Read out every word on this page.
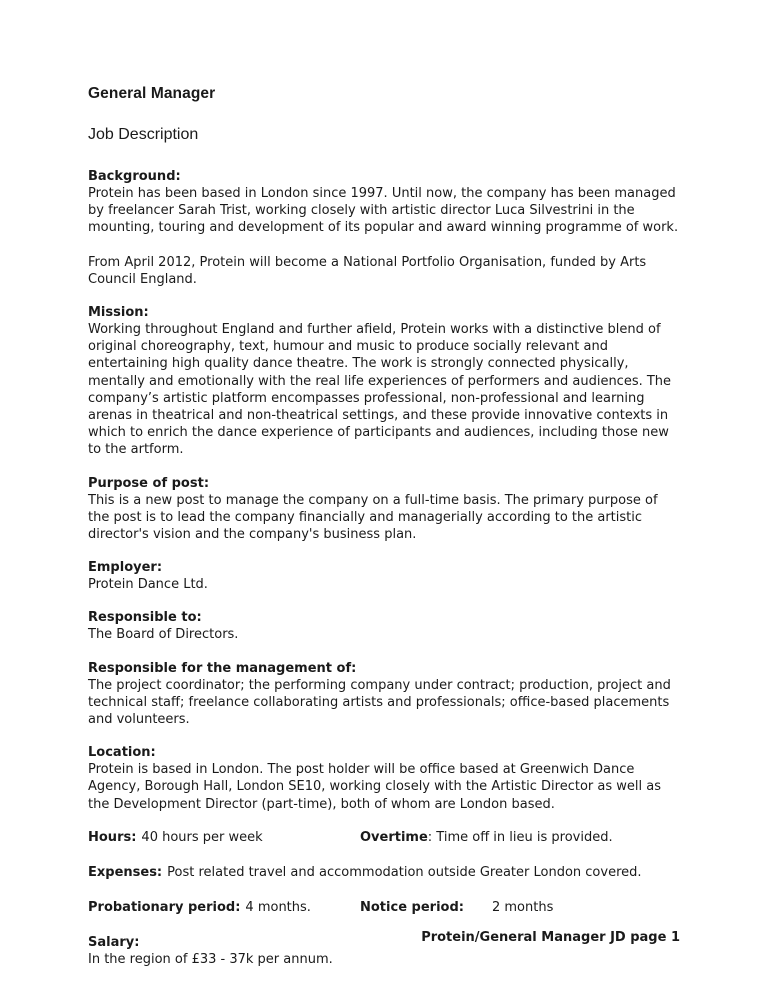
General Manager
Job Description
Background:

Protein has been based in London since 1997. Until now, the company has been managed by freelancer Sarah Trist, working closely with artistic director Luca Silvestrini in the mounting, touring and development of its popular and award winning programme of work.

From April 2012, Protein will become a National Portfolio Organisation, funded by Arts Council England.

Mission:

Working throughout England and further afield, Protein works with a distinctive blend of original choreography, text, humour and music to produce socially relevant and entertaining high quality dance theatre. The work is strongly connected physically, mentally and emotionally with the real life experiences of performers and audiences. The company’s artistic platform encompasses professional, non-professional and learning arenas in theatrical and non-theatrical settings, and these provide innovative contexts in which to enrich the dance experience of participants and audiences, including those new to the artform.

Purpose of post:

This is a new post to manage the company on a full-time basis. The primary purpose of the post is to lead the company financially and managerially according to the artistic director's vision and the company's business plan.

Employer:

Protein Dance Ltd.

Responsible to:

The Board of Directors.

Responsible for the management of:

The project coordinator; the performing company under contract; production, project and technical staff; freelance collaborating artists and professionals; office-based placements and volunteers.

Location:

Protein is based in London. The post holder will be office based at Greenwich Dance Agency, Borough Hall, London SE10, working closely with the Artistic Director as well as the Development Director (part-time), both of whom are London based.

Hours: 40 hours per week	Overtime: Time off in lieu is provided.
Expenses: Post related travel and accommodation outside Greater London covered.
Probationary period: 4 months.	Notice period: 2 months
Salary:

In the region of £33 - 37k per annum.

Protein/General Manager JD page 1
